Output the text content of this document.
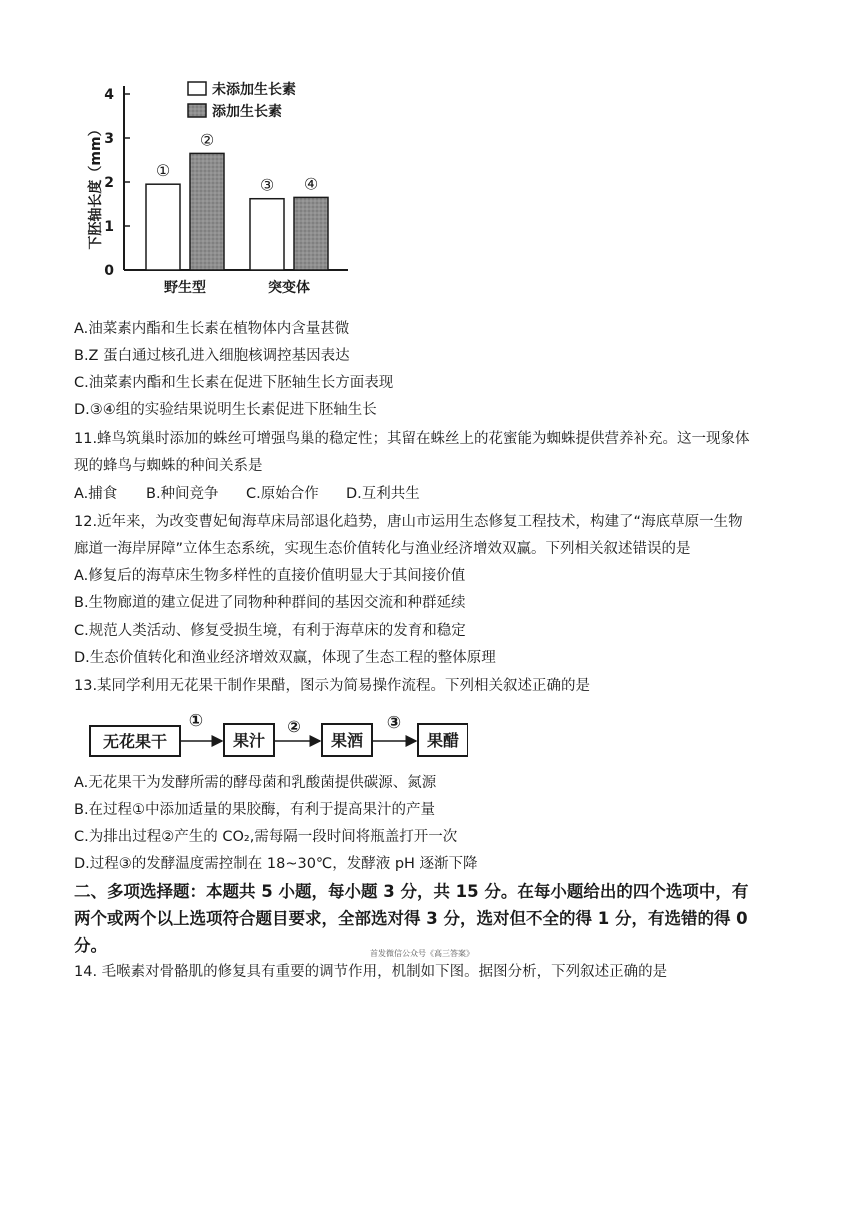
下胚轴长度（mm）
0
1
2
3
4
①
②
野生型
③ ④
突变体
未添加生长素
添加生长素
A.油菜素内酯和生长素在植物体内含量甚微
B.Z 蛋白通过核孔进入细胞核调控基因表达
C.油菜素内酯和生长素在促进下胚轴生长方面表现
D.③④组的实验结果说明生长素促进下胚轴生长
11.蜂鸟筑巢时添加的蛛丝可增强鸟巢的稳定性；其留在蛛丝上的花蜜能为蜘蛛提供营养补充。这一现象体
现的蜂鸟与蜘蛛的种间关系是
A.捕食 B.种间竞争 C.原始合作 D.互利共生
12.近年来，为改变曹妃甸海草床局部退化趋势，唐山市运用生态修复工程技术，构建了“海底草原一生物
廊道一海岸屏障”立体生态系统，实现生态价值转化与渔业经济增效双赢。下列相关叙述错误的是
A.修复后的海草床生物多样性的直接价值明显大于其间接价值
B.生物廊道的建立促进了同物种种群间的基因交流和种群延续
C.规范人类活动、修复受损生境，有利于海草床的发育和稳定
D.生态价值转化和渔业经济增效双赢，体现了生态工程的整体原理
13.某同学利用无花果干制作果醋，图示为简易操作流程。下列相关叙述正确的是
无花果干
①
果汁
②
果酒
③
果醋
A.无花果干为发酵所需的酵母菌和乳酸菌提供碳源、氮源
B.在过程①中添加适量的果胶酶，有利于提高果汁的产量
C.为排出过程②产生的 CO₂,需每隔一段时间将瓶盖打开一次
D.过程③的发酵温度需控制在 18~30℃，发酵液 pH 逐渐下降
二、多项选择题：本题共 5 小题，每小题 3 分，共 15 分。在每小题给出的四个选项中，有
两个或两个以上选项符合题目要求，全部选对得 3 分，选对但不全的得 1 分，有选错的得 0
分。	首发微信公众号《高三答案》
14. 毛喉素对骨骼肌的修复具有重要的调节作用，机制如下图。据图分析，下列叙述正确的是
